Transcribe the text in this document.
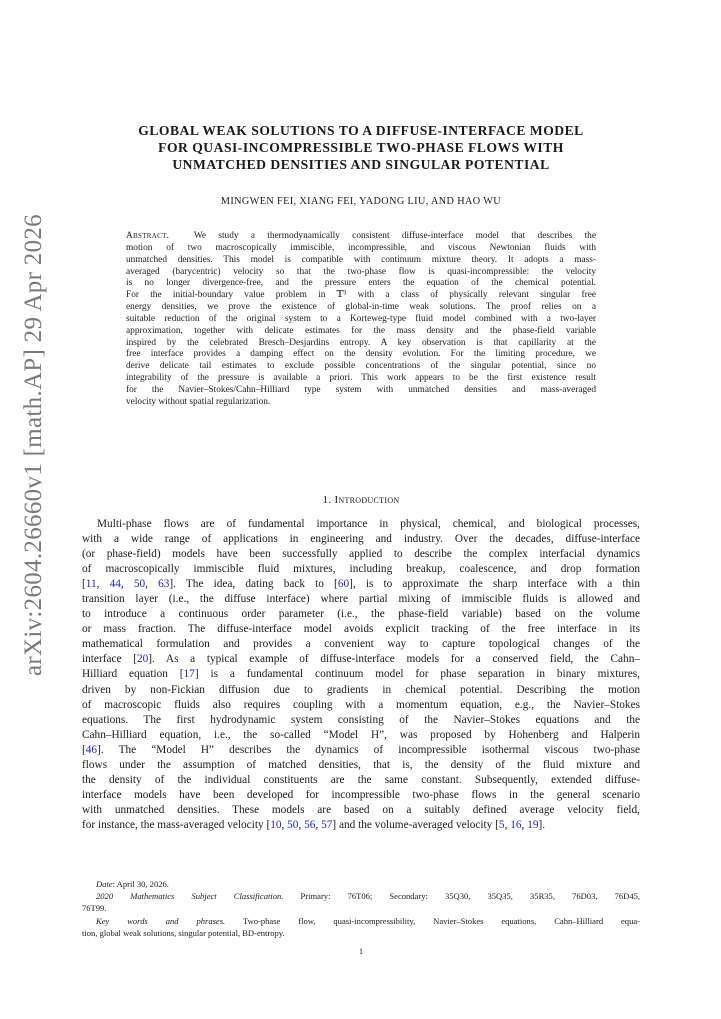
arXiv:2604.26660v1 [math.AP] 29 Apr 2026
GLOBAL WEAK SOLUTIONS TO A DIFFUSE-INTERFACE MODEL
FOR QUASI-INCOMPRESSIBLE TWO-PHASE FLOWS WITH
UNMATCHED DENSITIES AND SINGULAR POTENTIAL
MINGWEN FEI, XIANG FEI, YADONG LIU, AND HAO WU
Abstract.	We study a thermodynamically consistent diffuse-interface model that describes the
motion of two macroscopically immiscible, incompressible, and viscous Newtonian fluids with
unmatched densities. This model is compatible with continuum mixture theory. It adopts a mass-
averaged (barycentric) velocity so that the two-phase flow is quasi-incompressible: the velocity
is no longer divergence-free, and the pressure enters the equation of the chemical potential.
For the initial-boundary value problem in 𝕋³ with a class of physically relevant singular free
energy densities, we prove the existence of global-in-time weak solutions. The proof relies on a
suitable reduction of the original system to a Korteweg-type fluid model combined with a two-layer
approximation, together with delicate estimates for the mass density and the phase-field variable
inspired by the celebrated Bresch–Desjardins entropy. A key observation is that capillarity at the
free interface provides a damping effect on the density evolution. For the limiting procedure, we
derive delicate tail estimates to exclude possible concentrations of the singular potential, since no
integrability of the pressure is available a priori. This work appears to be the first existence result
for the Navier–Stokes/Cahn–Hilliard type system with unmatched densities and mass-averaged
velocity without spatial regularization.
1. Introduction
Multi-phase flows are of fundamental importance in physical, chemical, and biological processes,
with a wide range of applications in engineering and industry. Over the decades, diffuse-interface
(or phase-field) models have been successfully applied to describe the complex interfacial dynamics
of macroscopically immiscible fluid mixtures, including breakup, coalescence, and drop formation
[11, 44, 50, 63]. The idea, dating back to [60], is to approximate the sharp interface with a thin
transition layer (i.e., the diffuse interface) where partial mixing of immiscible fluids is allowed and
to introduce a continuous order parameter (i.e., the phase-field variable) based on the volume
or mass fraction. The diffuse-interface model avoids explicit tracking of the free interface in its
mathematical formulation and provides a convenient way to capture topological changes of the
interface [20]. As a typical example of diffuse-interface models for a conserved field, the Cahn–
Hilliard equation [17] is a fundamental continuum model for phase separation in binary mixtures,
driven by non-Fickian diffusion due to gradients in chemical potential. Describing the motion
of macroscopic fluids also requires coupling with a momentum equation, e.g., the Navier–Stokes
equations. The first hydrodynamic system consisting of the Navier–Stokes equations and the
Cahn–Hilliard equation, i.e., the so-called “Model H”, was proposed by Hohenberg and Halperin
[46]. The “Model H” describes the dynamics of incompressible isothermal viscous two-phase
flows under the assumption of matched densities, that is, the density of the fluid mixture and
the density of the individual constituents are the same constant. Subsequently, extended diffuse-
interface models have been developed for incompressible two-phase flows in the general scenario
with unmatched densities. These models are based on a suitably defined average velocity field,
for instance, the mass-averaged velocity [10, 50, 56, 57] and the volume-averaged velocity [5, 16, 19].
Date: April 30, 2026.
2020 Mathematics Subject Classification. Primary: 76T06; Secondary: 35Q30, 35Q35, 35R35, 76D03, 76D45,
76T99.
Key words and phrases. Two-phase flow, quasi-incompressibility, Navier–Stokes equations, Cahn–Hilliard equa-
tion, global weak solutions, singular potential, BD-entropy.
1
